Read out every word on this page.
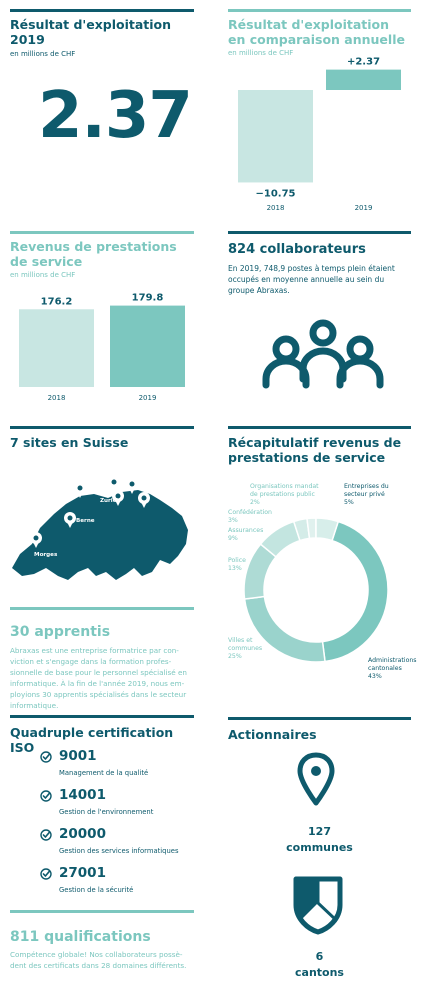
Résultat d'exploitation 2019
en millions de CHF
2.37
Résultat d'exploitation
en comparaison annuelle
en millions de CHF
−10.75
2018
+2.37
2019
Revenus de prestations
de service
en millions de CHF
176.2
2018
179.8
2019
824 collaborateurs
En 2019, 748,9 postes à temps plein étaient occupés en moyenne annuelle au sein du groupe Abraxas.
7 sites en Suisse
Münchenstein
Winterthur
Frauenfeld
Zurich
Saint-Gall
Berne
Morges
Récapitulatif revenus de
prestations de service
Administrations
cantonales
43%
Villes et
communes
25%
Police
13%
Assurances
9%
Confédération
3%
Organisations mandat
de prestations public
2%
Entreprises du
secteur privé
5%
30 apprentis
Abraxas est une entreprise formatrice par con-viction et s'engage dans la formation profes-sionnelle de base pour le personnel spécialisé en informatique. À la fin de l'année 2019, nous em-ployions 30 apprentis spécialisés dans le secteur informatique.
Quadruple certification ISO
9001
Management de la qualité
14001
Gestion de l'environnement
20000
Gestion des services informatiques
27001
Gestion de la sécurité
Actionnaires
127
communes
6
cantons
811 qualifications
Compétence globale! Nos collaborateurs possè-dent des certificats dans 28 domaines différents.
